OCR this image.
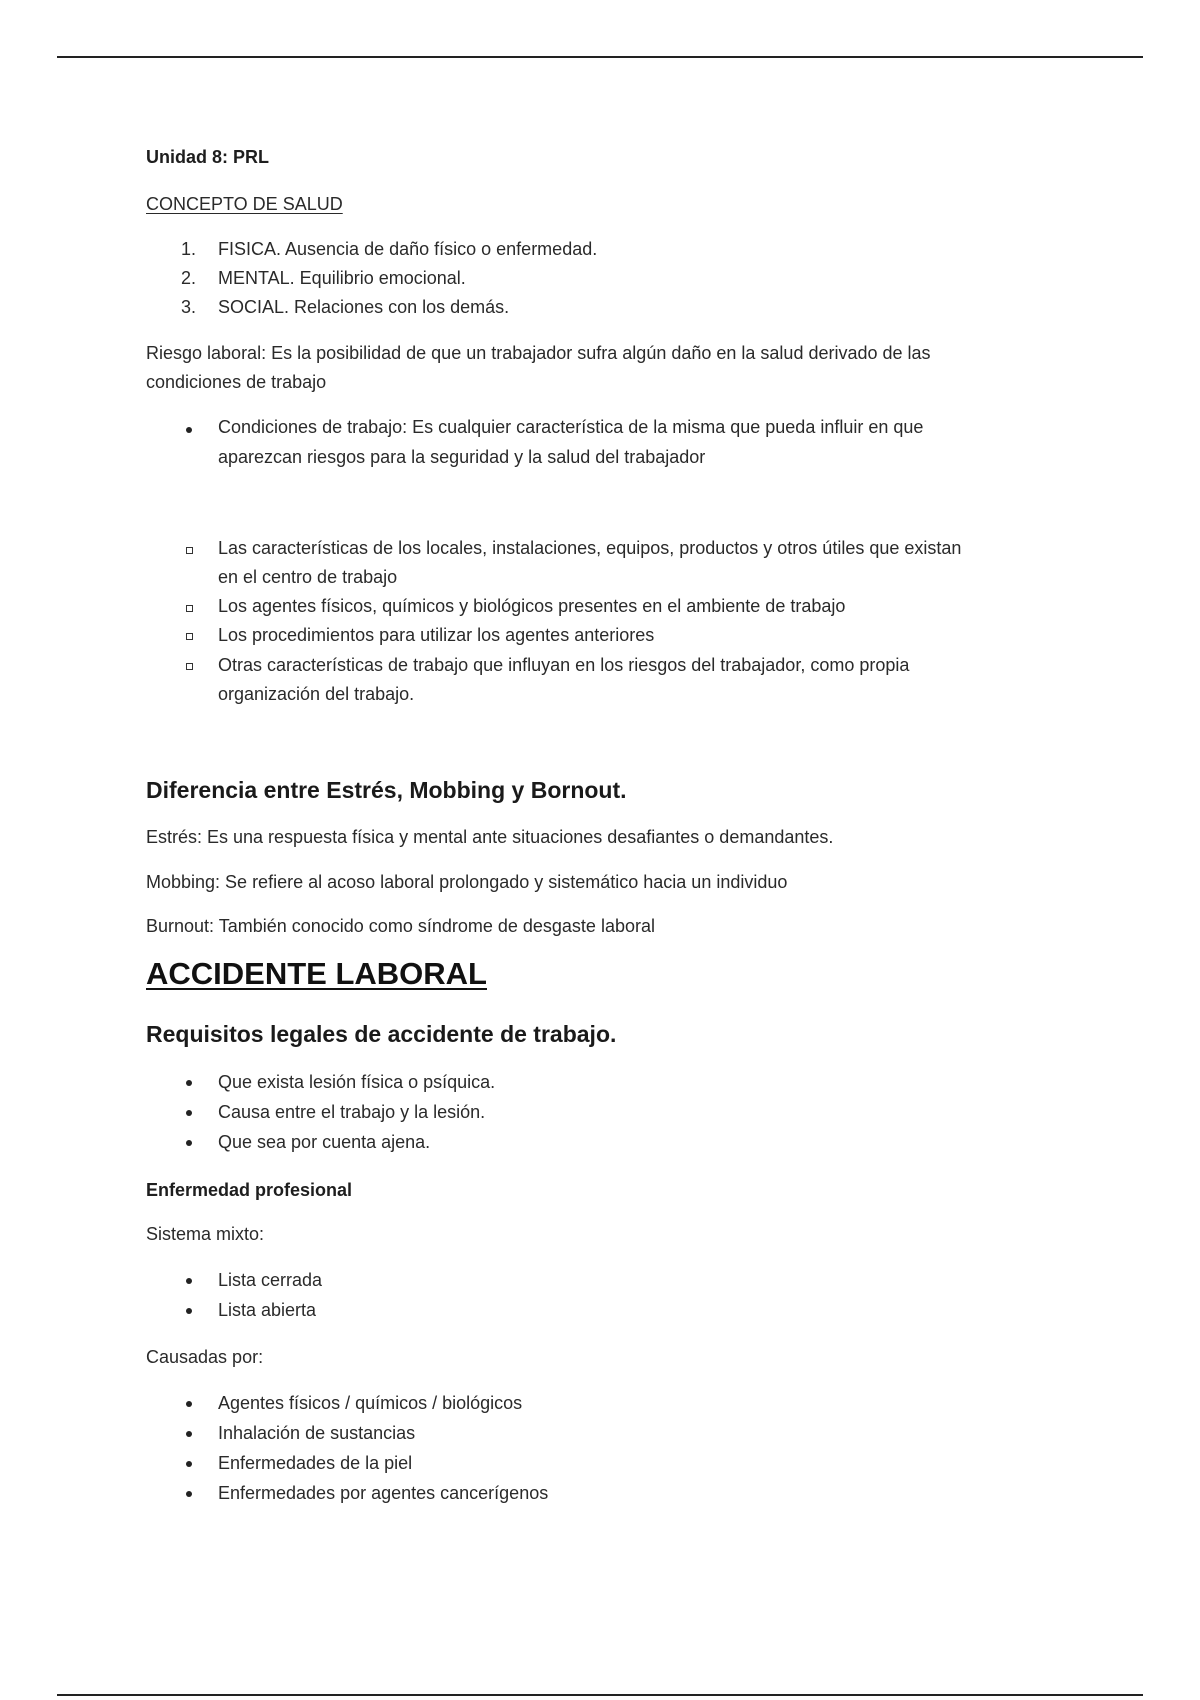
Unidad 8: PRL
CONCEPTO DE SALUD
1. FISICA. Ausencia de daño físico o enfermedad.
2. MENTAL. Equilibrio emocional.
3. SOCIAL. Relaciones con los demás.
Riesgo laboral: Es la posibilidad de que un trabajador sufra algún daño en la salud derivado de las
condiciones de trabajo
Condiciones de trabajo: Es cualquier característica de la misma que pueda influir en que
aparezcan riesgos para la seguridad y la salud del trabajador
Las características de los locales, instalaciones, equipos, productos y otros útiles que existan
en el centro de trabajo
Los agentes físicos, químicos y biológicos presentes en el ambiente de trabajo
Los procedimientos para utilizar los agentes anteriores
Otras características de trabajo que influyan en los riesgos del trabajador, como propia
organización del trabajo.
Diferencia entre Estrés, Mobbing y Bornout.
Estrés: Es una respuesta física y mental ante situaciones desafiantes o demandantes.
Mobbing: Se refiere al acoso laboral prolongado y sistemático hacia un individuo
Burnout: También conocido como síndrome de desgaste laboral
ACCIDENTE LABORAL
Requisitos legales de accidente de trabajo.
Que exista lesión física o psíquica.
Causa entre el trabajo y la lesión.
Que sea por cuenta ajena.
Enfermedad profesional
Sistema mixto:
Lista cerrada
Lista abierta
Causadas por:
Agentes físicos / químicos / biológicos
Inhalación de sustancias
Enfermedades de la piel
Enfermedades por agentes cancerígenos
